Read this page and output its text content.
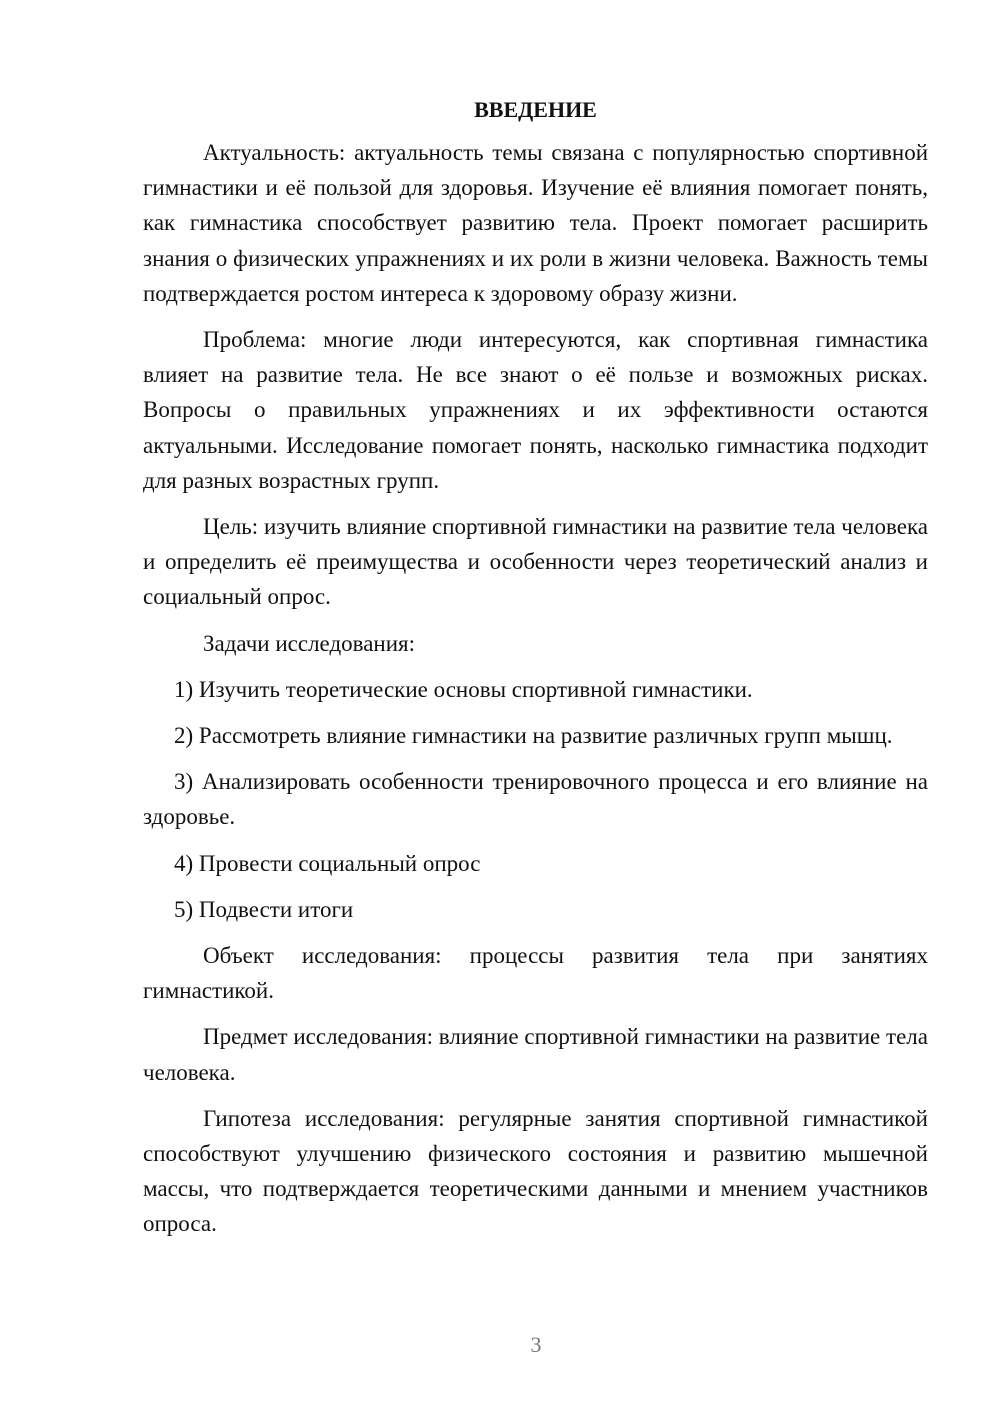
ВВЕДЕНИЕ

Актуальность: актуальность темы связана с популярностью спортивной гимнастики и её пользой для здоровья. Изучение её влияния помогает понять, как гимнастика способствует развитию тела. Проект помогает расширить знания о физических упражнениях и их роли в жизни человека. Важность темы подтверждается ростом интереса к здоровому образу жизни.

Проблема: многие люди интересуются, как спортивная гимнастика влияет на развитие тела. Не все знают о её пользе и возможных рисках. Вопросы о правильных упражнениях и их эффективности остаются актуальными. Исследование помогает понять, насколько гимнастика подходит для разных возрастных групп.

Цель: изучить влияние спортивной гимнастики на развитие тела человека и определить её преимущества и особенности через теоретический анализ и социальный опрос.

Задачи исследования:

1) Изучить теоретические основы спортивной гимнастики.

2) Рассмотреть влияние гимнастики на развитие различных групп мышц.

3) Анализировать особенности тренировочного процесса и его влияние на здоровье.

4) Провести социальный опрос

5) Подвести итоги

Объект исследования: процессы развития тела при занятиях гимнастикой.

Предмет исследования: влияние спортивной гимнастики на развитие тела человека.

Гипотеза исследования: регулярные занятия спортивной гимнастикой способствуют улучшению физического состояния и развитию мышечной массы, что подтверждается теоретическими данными и мнением участников опроса.

3
